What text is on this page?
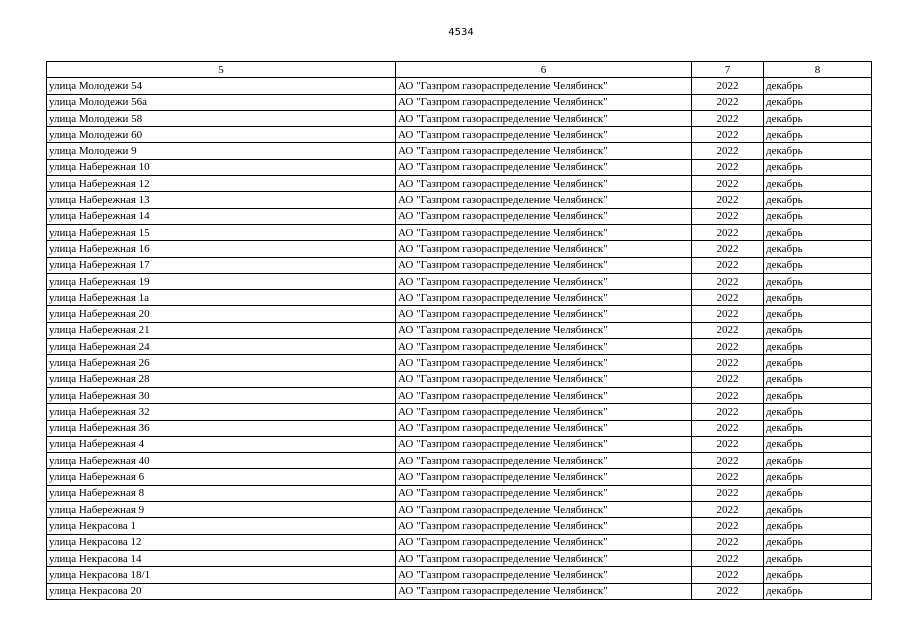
4534
5	6	7	8
улица Молодежи 54	АО "Газпром газораспределение Челябинск"	2022	декабрь
улица Молодежи 56а	АО "Газпром газораспределение Челябинск"	2022	декабрь
улица Молодежи 58	АО "Газпром газораспределение Челябинск"	2022	декабрь
улица Молодежи 60	АО "Газпром газораспределение Челябинск"	2022	декабрь
улица Молодежи 9	АО "Газпром газораспределение Челябинск"	2022	декабрь
улица Набережная 10	АО "Газпром газораспределение Челябинск"	2022	декабрь
улица Набережная 12	АО "Газпром газораспределение Челябинск"	2022	декабрь
улица Набережная 13	АО "Газпром газораспределение Челябинск"	2022	декабрь
улица Набережная 14	АО "Газпром газораспределение Челябинск"	2022	декабрь
улица Набережная 15	АО "Газпром газораспределение Челябинск"	2022	декабрь
улица Набережная 16	АО "Газпром газораспределение Челябинск"	2022	декабрь
улица Набережная 17	АО "Газпром газораспределение Челябинск"	2022	декабрь
улица Набережная 19	АО "Газпром газораспределение Челябинск"	2022	декабрь
улица Набережная 1а	АО "Газпром газораспределение Челябинск"	2022	декабрь
улица Набережная 20	АО "Газпром газораспределение Челябинск"	2022	декабрь
улица Набережная 21	АО "Газпром газораспределение Челябинск"	2022	декабрь
улица Набережная 24	АО "Газпром газораспределение Челябинск"	2022	декабрь
улица Набережная 26	АО "Газпром газораспределение Челябинск"	2022	декабрь
улица Набережная 28	АО "Газпром газораспределение Челябинск"	2022	декабрь
улица Набережная 30	АО "Газпром газораспределение Челябинск"	2022	декабрь
улица Набережная 32	АО "Газпром газораспределение Челябинск"	2022	декабрь
улица Набережная 36	АО "Газпром газораспределение Челябинск"	2022	декабрь
улица Набережная 4	АО "Газпром газораспределение Челябинск"	2022	декабрь
улица Набережная 40	АО "Газпром газораспределение Челябинск"	2022	декабрь
улица Набережная 6	АО "Газпром газораспределение Челябинск"	2022	декабрь
улица Набережная 8	АО "Газпром газораспределение Челябинск"	2022	декабрь
улица Набережная 9	АО "Газпром газораспределение Челябинск"	2022	декабрь
улица Некрасова 1	АО "Газпром газораспределение Челябинск"	2022	декабрь
улица Некрасова 12	АО "Газпром газораспределение Челябинск"	2022	декабрь
улица Некрасова 14	АО "Газпром газораспределение Челябинск"	2022	декабрь
улица Некрасова 18/1	АО "Газпром газораспределение Челябинск"	2022	декабрь
улица Некрасова 20	АО "Газпром газораспределение Челябинск"	2022	декабрь
